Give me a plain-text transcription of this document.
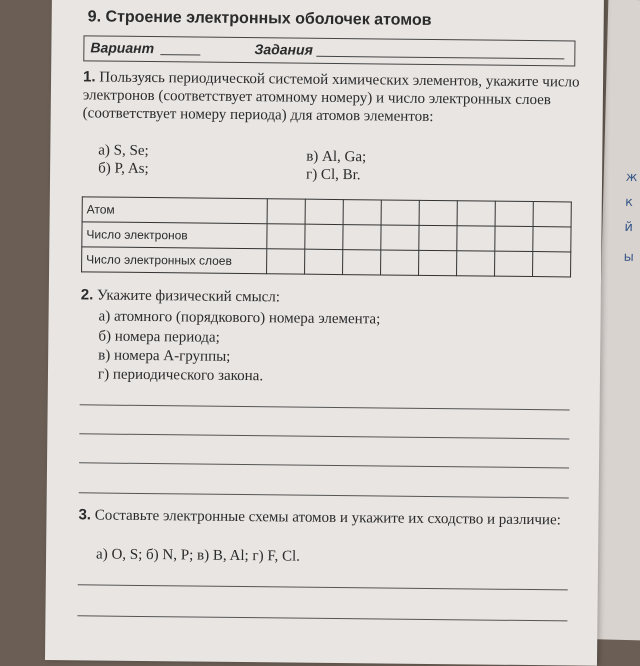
ж
к
й
ы
9. Строение электронных оболочек атомов
Вариант	Задания
1. Пользуясь периодической системой химических элементов, укажите число электронов (соответствует атомному номеру) и число электронных слоев (соответствует номеру периода) для атомов элементов:
а) S, Se;
б) P, As;
в) Al, Ga;
г) Cl, Br.
Атом								
Число электронов								
Число электронных слоев								
2. Укажите физический смысл:
а) атомного (порядкового) номера элемента;
б) номера периода;
в) номера А-группы;
г) периодического закона.
3. Составьте электронные схемы атомов и укажите их сходство и различие:
а) O, S; б) N, P; в) B, Al; г) F, Cl.
